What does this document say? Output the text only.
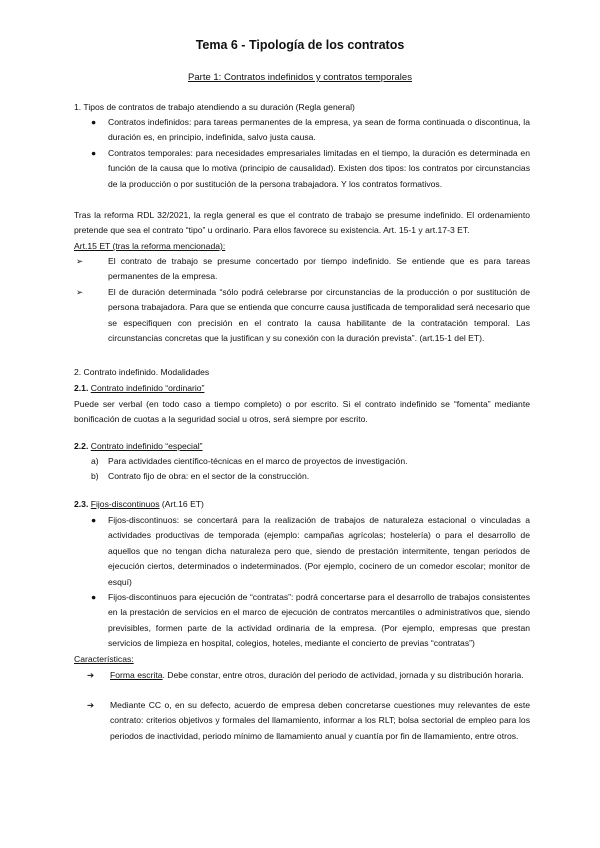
Tema 6 - Tipología de los contratos
Parte 1: Contratos indefinidos y contratos temporales
1. Tipos de contratos de trabajo atendiendo a su duración (Regla general)
● Contratos indefinidos: para tareas permanentes de la empresa, ya sean de forma continuada o discontinua, la duración es, en principio, indefinida, salvo justa causa.
● Contratos temporales: para necesidades empresariales limitadas en el tiempo, la duración es determinada en función de la causa que lo motiva (principio de causalidad). Existen dos tipos: los contratos por circunstancias de la producción o por sustitución de la persona trabajadora. Y los contratos formativos.
Tras la reforma RDL 32/2021, la regla general es que el contrato de trabajo se presume indefinido. El ordenamiento pretende que sea el contrato “tipo” u ordinario. Para ellos favorece su existencia. Art. 15-1 y art.17-3 ET.
Art.15 ET (tras la reforma mencionada):
➢	El contrato de trabajo se presume concertado por tiempo indefinido. Se entiende que es para tareas permanentes de la empresa.
➢	El de duración determinada “sólo podrá celebrarse por circunstancias de la producción o por sustitución de persona trabajadora. Para que se entienda que concurre causa justificada de temporalidad será necesario que se especifiquen con precisión en el contrato la causa habilitante de la contratación temporal. Las circunstancias concretas que la justifican y su conexión con la duración prevista”. (art.15-1 del ET).
2. Contrato indefinido. Modalidades
2.1. Contrato indefinido “ordinario”
Puede ser verbal (en todo caso a tiempo completo) o por escrito. Si el contrato indefinido se “fomenta” mediante bonificación de cuotas a la seguridad social u otros, será siempre por escrito.
2.2. Contrato indefinido “especial”
a) Para actividades científico-técnicas en el marco de proyectos de investigación.
b) Contrato fijo de obra: en el sector de la construcción.
2.3. Fijos-discontinuos (Art.16 ET)
● Fijos-discontinuos: se concertará para la realización de trabajos de naturaleza estacional o vinculadas a actividades productivas de temporada (ejemplo: campañas agrícolas; hostelería) o para el desarrollo de aquellos que no tengan dicha naturaleza pero que, siendo de prestación intermitente, tengan periodos de ejecución ciertos, determinados o indeterminados. (Por ejemplo, cocinero de un comedor escolar; monitor de esquí)
● Fijos-discontinuos para ejecución de “contratas”: podrá concertarse para el desarrollo de trabajos consistentes en la prestación de servicios en el marco de ejecución de contratos mercantiles o administrativos que, siendo previsibles, formen parte de la actividad ordinaria de la empresa. (Por ejemplo, empresas que prestan servicios de limpieza en hospital, colegios, hoteles, mediante el concierto de previas “contratas”)
Características:
➔ Forma escrita. Debe constar, entre otros, duración del periodo de actividad, jornada y su distribución horaria.
➔ Mediante CC o, en su defecto, acuerdo de empresa deben concretarse cuestiones muy relevantes de este contrato: criterios objetivos y formales del llamamiento, informar a los RLT; bolsa sectorial de empleo para los periodos de inactividad, periodo mínimo de llamamiento anual y cuantía por fin de llamamiento, entre otros.
